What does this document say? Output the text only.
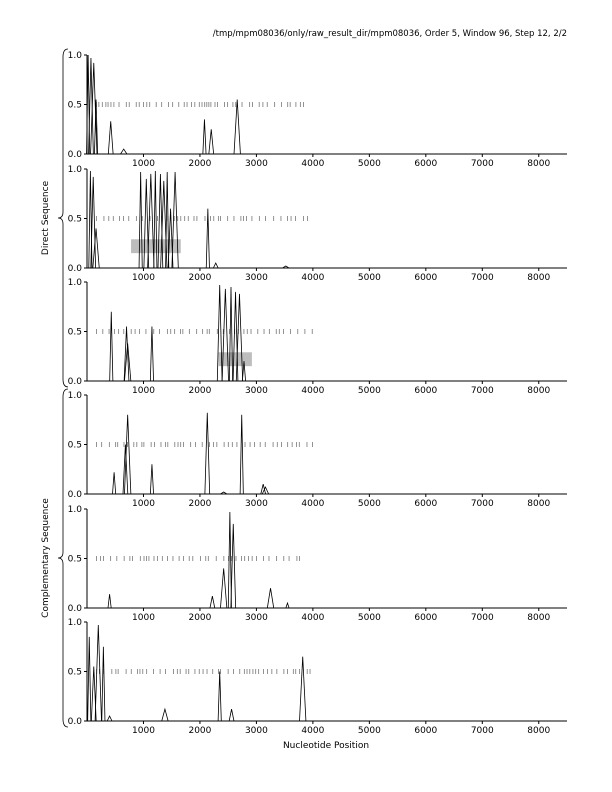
/tmp/mpm08036/only/raw_result_dir/mpm08036, Order 5, Window 96, Step 12, 2/2
0.0
0.5
1.0
1000	2000	3000	4000	5000	6000	7000	8000
0.0
0.5
1.0
1000	2000	3000	4000	5000	6000	7000	8000
0.0
0.5
1.0
1000	2000	3000	4000	5000	6000	7000	8000
0.0
0.5
1.0
1000	2000	3000	4000	5000	6000	7000	8000
0.0
0.5
1.0
1000	2000	3000	4000	5000	6000	7000	8000
0.0
0.5
1.0
1000	2000	3000	4000	5000	6000	7000	8000
Direct Sequence
Complementary Sequence
Nucleotide Position
